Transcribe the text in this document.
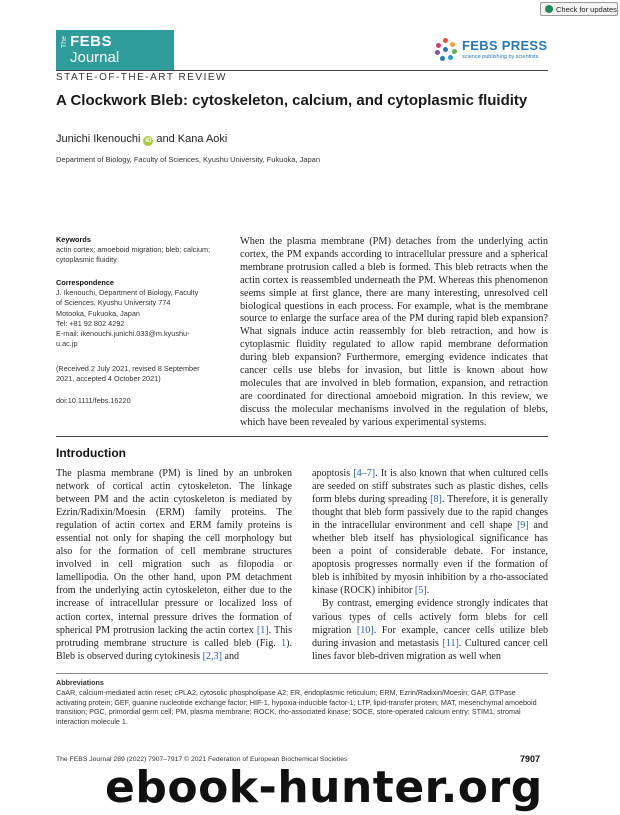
Check for updates
The FEBS
Journal
FEBS PRESS
science publishing by scientists
STATE-OF-THE-ART REVIEW
A Clockwork Bleb: cytoskeleton, calcium, and cytoplasmic fluidity
Junichi Ikenouchi iD and Kana Aoki
Department of Biology, Faculty of Sciences, Kyushu University, Fukuoka, Japan
Keywords
actin cortex; amoeboid migration; bleb; calcium; cytoplasmic fluidity
Correspondence
J. Ikenouchi, Department of Biology, Faculty
of Sciences, Kyushu University 774
Motooka, Fukuoka, Japan
Tel: +81 92 802 4292
E-mail: ikenouchi.junichi.033@m.kyushu-
u.ac.jp
(Received 2 July 2021, revised 8 September 2021, accepted 4 October 2021)
doi:10.1111/febs.16220
When the plasma membrane (PM) detaches from the underlying actin cortex, the PM expands according to intracellular pressure and a spherical membrane protrusion called a bleb is formed. This bleb retracts when the actin cortex is reassembled underneath the PM. Whereas this phenomenon seems simple at first glance, there are many interesting, unresolved cell biological questions in each process. For example, what is the membrane source to enlarge the surface area of the PM during rapid bleb expansion? What signals induce actin reassembly for bleb retraction, and how is cytoplasmic fluidity regulated to allow rapid membrane deformation during bleb expansion? Furthermore, emerging evidence indicates that cancer cells use blebs for invasion, but little is known about how molecules that are involved in bleb formation, expansion, and retraction are coordinated for directional amoeboid migration. In this review, we discuss the molecular mechanisms involved in the regulation of blebs, which have been revealed by various experimental systems.
Introduction

The plasma membrane (PM) is lined by an unbroken network of cortical actin cytoskeleton. The linkage between PM and the actin cytoskeleton is mediated by Ezrin/Radixin/Moesin (ERM) family proteins. The regulation of actin cortex and ERM family proteins is essential not only for shaping the cell morphology but also for the formation of cell membrane structures involved in cell migration such as filopodia or lamellipodia. On the other hand, upon PM detachment from the underlying actin cytoskeleton, either due to the increase of intracellular pressure or localized loss of action cortex, internal pressure drives the formation of spherical PM protrusion lacking the actin cortex [1]. This protruding membrane structure is called bleb (Fig. 1). Bleb is observed during cytokinesis [2,3] and

apoptosis [4–7]. It is also known that when cultured cells are seeded on stiff substrates such as plastic dishes, cells form blebs during spreading [8]. Therefore, it is generally thought that bleb form passively due to the rapid changes in the intracellular environment and cell shape [9] and whether bleb itself has physiological significance has been a point of considerable debate. For instance, apoptosis progresses normally even if the formation of bleb is inhibited by myosin inhibition by a rho-associated kinase (ROCK) inhibitor [5].

By contrast, emerging evidence strongly indicates that various types of cells actively form blebs for cell migration [10]. For example, cancer cells utilize bleb during invasion and metastasis [11]. Cultured cancer cell lines favor bleb-driven migration as well when

Abbreviations
CaAR, calcium-mediated actin reset; cPLA2, cytosolic phospholipase A2; ER, endoplasmic reticulum; ERM, Ezrin/Radixin/Moesin; GAP, GTPase activating protein; GEF, guanine nucleotide exchange factor; HIF-1, hypoxia-inducible factor-1; LTP, lipid-transfer protein; MAT, mesenchymal amoeboid transition; PGC, primordial germ cell; PM, plasma membrane; ROCK, rho-associated kinase; SOCE, store-operated calcium entry; STIM1, stromal interaction molecule 1.
The FEBS Journal 289 (2022) 7907–7917 © 2021 Federation of European Biochemical Societies	7907
ebook-hunter.org
